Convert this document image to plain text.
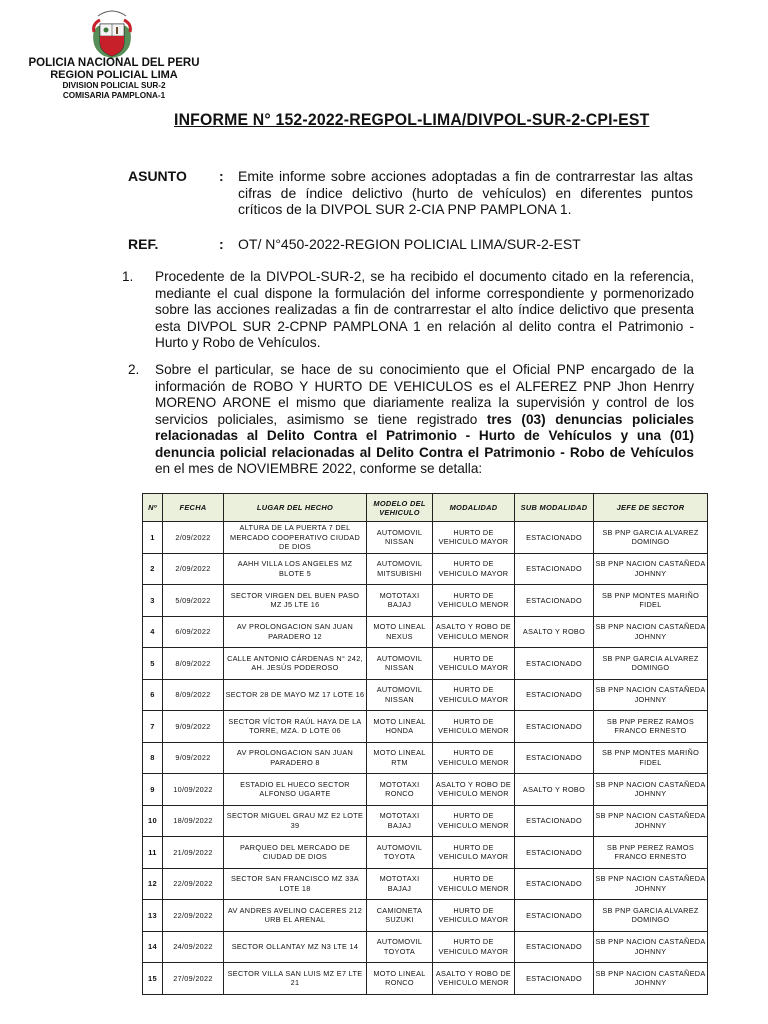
POLICIA NACIONAL DEL PERU
REGION POLICIAL LIMA
DIVISION POLICIAL SUR-2
COMISARIA PAMPLONA-1
INFORME N° 152-2022-REGPOL-LIMA/DIVPOL-SUR-2-CPI-EST
ASUNTO : Emite informe sobre acciones adoptadas a fin de contrarrestar las altas cifras de índice delictivo (hurto de vehículos) en diferentes puntos críticos de la DIVPOL SUR 2-CIA PNP PAMPLONA 1.
REF.	: OT/ N°450-2022-REGION POLICIAL LIMA/SUR-2-EST
1. Procedente de la DIVPOL-SUR-2, se ha recibido el documento citado en la referencia, mediante el cual dispone la formulación del informe correspondiente y pormenorizado sobre las acciones realizadas a fin de contrarrestar el alto índice delictivo que presenta esta DIVPOL SUR 2-CPNP PAMPLONA 1 en relación al delito contra el Patrimonio - Hurto y Robo de Vehículos.
2. Sobre el particular, se hace de su conocimiento que el Oficial PNP encargado de la información de ROBO Y HURTO DE VEHICULOS es el ALFEREZ PNP Jhon Henrry MORENO ARONE el mismo que diariamente realiza la supervisión y control de los servicios policiales, asimismo se tiene registrado tres (03) denuncias policiales relacionadas al Delito Contra el Patrimonio - Hurto de Vehículos y una (01) denuncia policial relacionadas al Delito Contra el Patrimonio - Robo de Vehículos en el mes de NOVIEMBRE 2022, conforme se detalla:
Nº	FECHA	LUGAR DEL HECHO	MODELO DEL VEHICULO	MODALIDAD	SUB MODALIDAD	JEFE DE SECTOR
1	2/09/2022	ALTURA DE LA PUERTA 7 DEL MERCADO COOPERATIVO CIUDAD DE DIOS	AUTOMOVIL NISSAN	HURTO DE VEHICULO MAYOR	ESTACIONADO	SB PNP GARCIA ALVAREZ DOMINGO
2	2/09/2022	AAHH VILLA LOS ANGELES MZ BLOTE 5	AUTOMOVIL MITSUBISHI	HURTO DE VEHICULO MAYOR	ESTACIONADO	SB PNP NACION CASTAÑEDA JOHNNY
3	5/09/2022	SECTOR VIRGEN DEL BUEN PASO MZ J5 LTE 16	MOTOTAXI BAJAJ	HURTO DE VEHICULO MENOR	ESTACIONADO	SB PNP MONTES MARIÑO FIDEL
4	6/09/2022	AV PROLONGACION SAN JUAN PARADERO 12	MOTO LINEAL NEXUS	ASALTO Y ROBO DE VEHICULO MENOR	ASALTO Y ROBO	SB PNP NACION CASTAÑEDA JOHNNY
5	8/09/2022	CALLE ANTONIO CÁRDENAS N° 242, AH. JESÚS PODEROSO	AUTOMOVIL NISSAN	HURTO DE VEHICULO MAYOR	ESTACIONADO	SB PNP GARCIA ALVAREZ DOMINGO
6	8/09/2022	SECTOR 28 DE MAYO MZ 17 LOTE 16	AUTOMOVIL NISSAN	HURTO DE VEHICULO MAYOR	ESTACIONADO	SB PNP NACION CASTAÑEDA JOHNNY
7	9/09/2022	SECTOR VÍCTOR RAÚL HAYA DE LA TORRE, MZA. D LOTE 06	MOTO LINEAL HONDA	HURTO DE VEHICULO MENOR	ESTACIONADO	SB PNP PEREZ RAMOS FRANCO ERNESTO
8	9/09/2022	AV PROLONGACION SAN JUAN PARADERO 8	MOTO LINEAL RTM	HURTO DE VEHICULO MENOR	ESTACIONADO	SB PNP MONTES MARIÑO FIDEL
9	10/09/2022	ESTADIO EL HUECO SECTOR ALFONSO UGARTE	MOTOTAXI RONCO	ASALTO Y ROBO DE VEHICULO MENOR	ASALTO Y ROBO	SB PNP NACION CASTAÑEDA JOHNNY
10	18/09/2022	SECTOR MIGUEL GRAU MZ E2 LOTE 39	MOTOTAXI BAJAJ	HURTO DE VEHICULO MENOR	ESTACIONADO	SB PNP NACION CASTAÑEDA JOHNNY
11	21/09/2022	PARQUEO DEL MERCADO DE CIUDAD DE DIOS	AUTOMOVIL TOYOTA	HURTO DE VEHICULO MAYOR	ESTACIONADO	SB PNP PEREZ RAMOS FRANCO ERNESTO
12	22/09/2022	SECTOR SAN FRANCISCO MZ 33A LOTE 18	MOTOTAXI BAJAJ	HURTO DE VEHICULO MENOR	ESTACIONADO	SB PNP NACION CASTAÑEDA JOHNNY
13	22/09/2022	AV ANDRES AVELINO CACERES 212 URB EL ARENAL	CAMIONETA SUZUKI	HURTO DE VEHICULO MAYOR	ESTACIONADO	SB PNP GARCIA ALVAREZ DOMINGO
14	24/09/2022	SECTOR OLLANTAY MZ N3 LTE 14	AUTOMOVIL TOYOTA	HURTO DE VEHICULO MAYOR	ESTACIONADO	SB PNP NACION CASTAÑEDA JOHNNY
15	27/09/2022	SECTOR VILLA SAN LUIS MZ E7 LTE 21	MOTO LINEAL RONCO	ASALTO Y ROBO DE VEHICULO MENOR	ESTACIONADO	SB PNP NACION CASTAÑEDA JOHNNY
